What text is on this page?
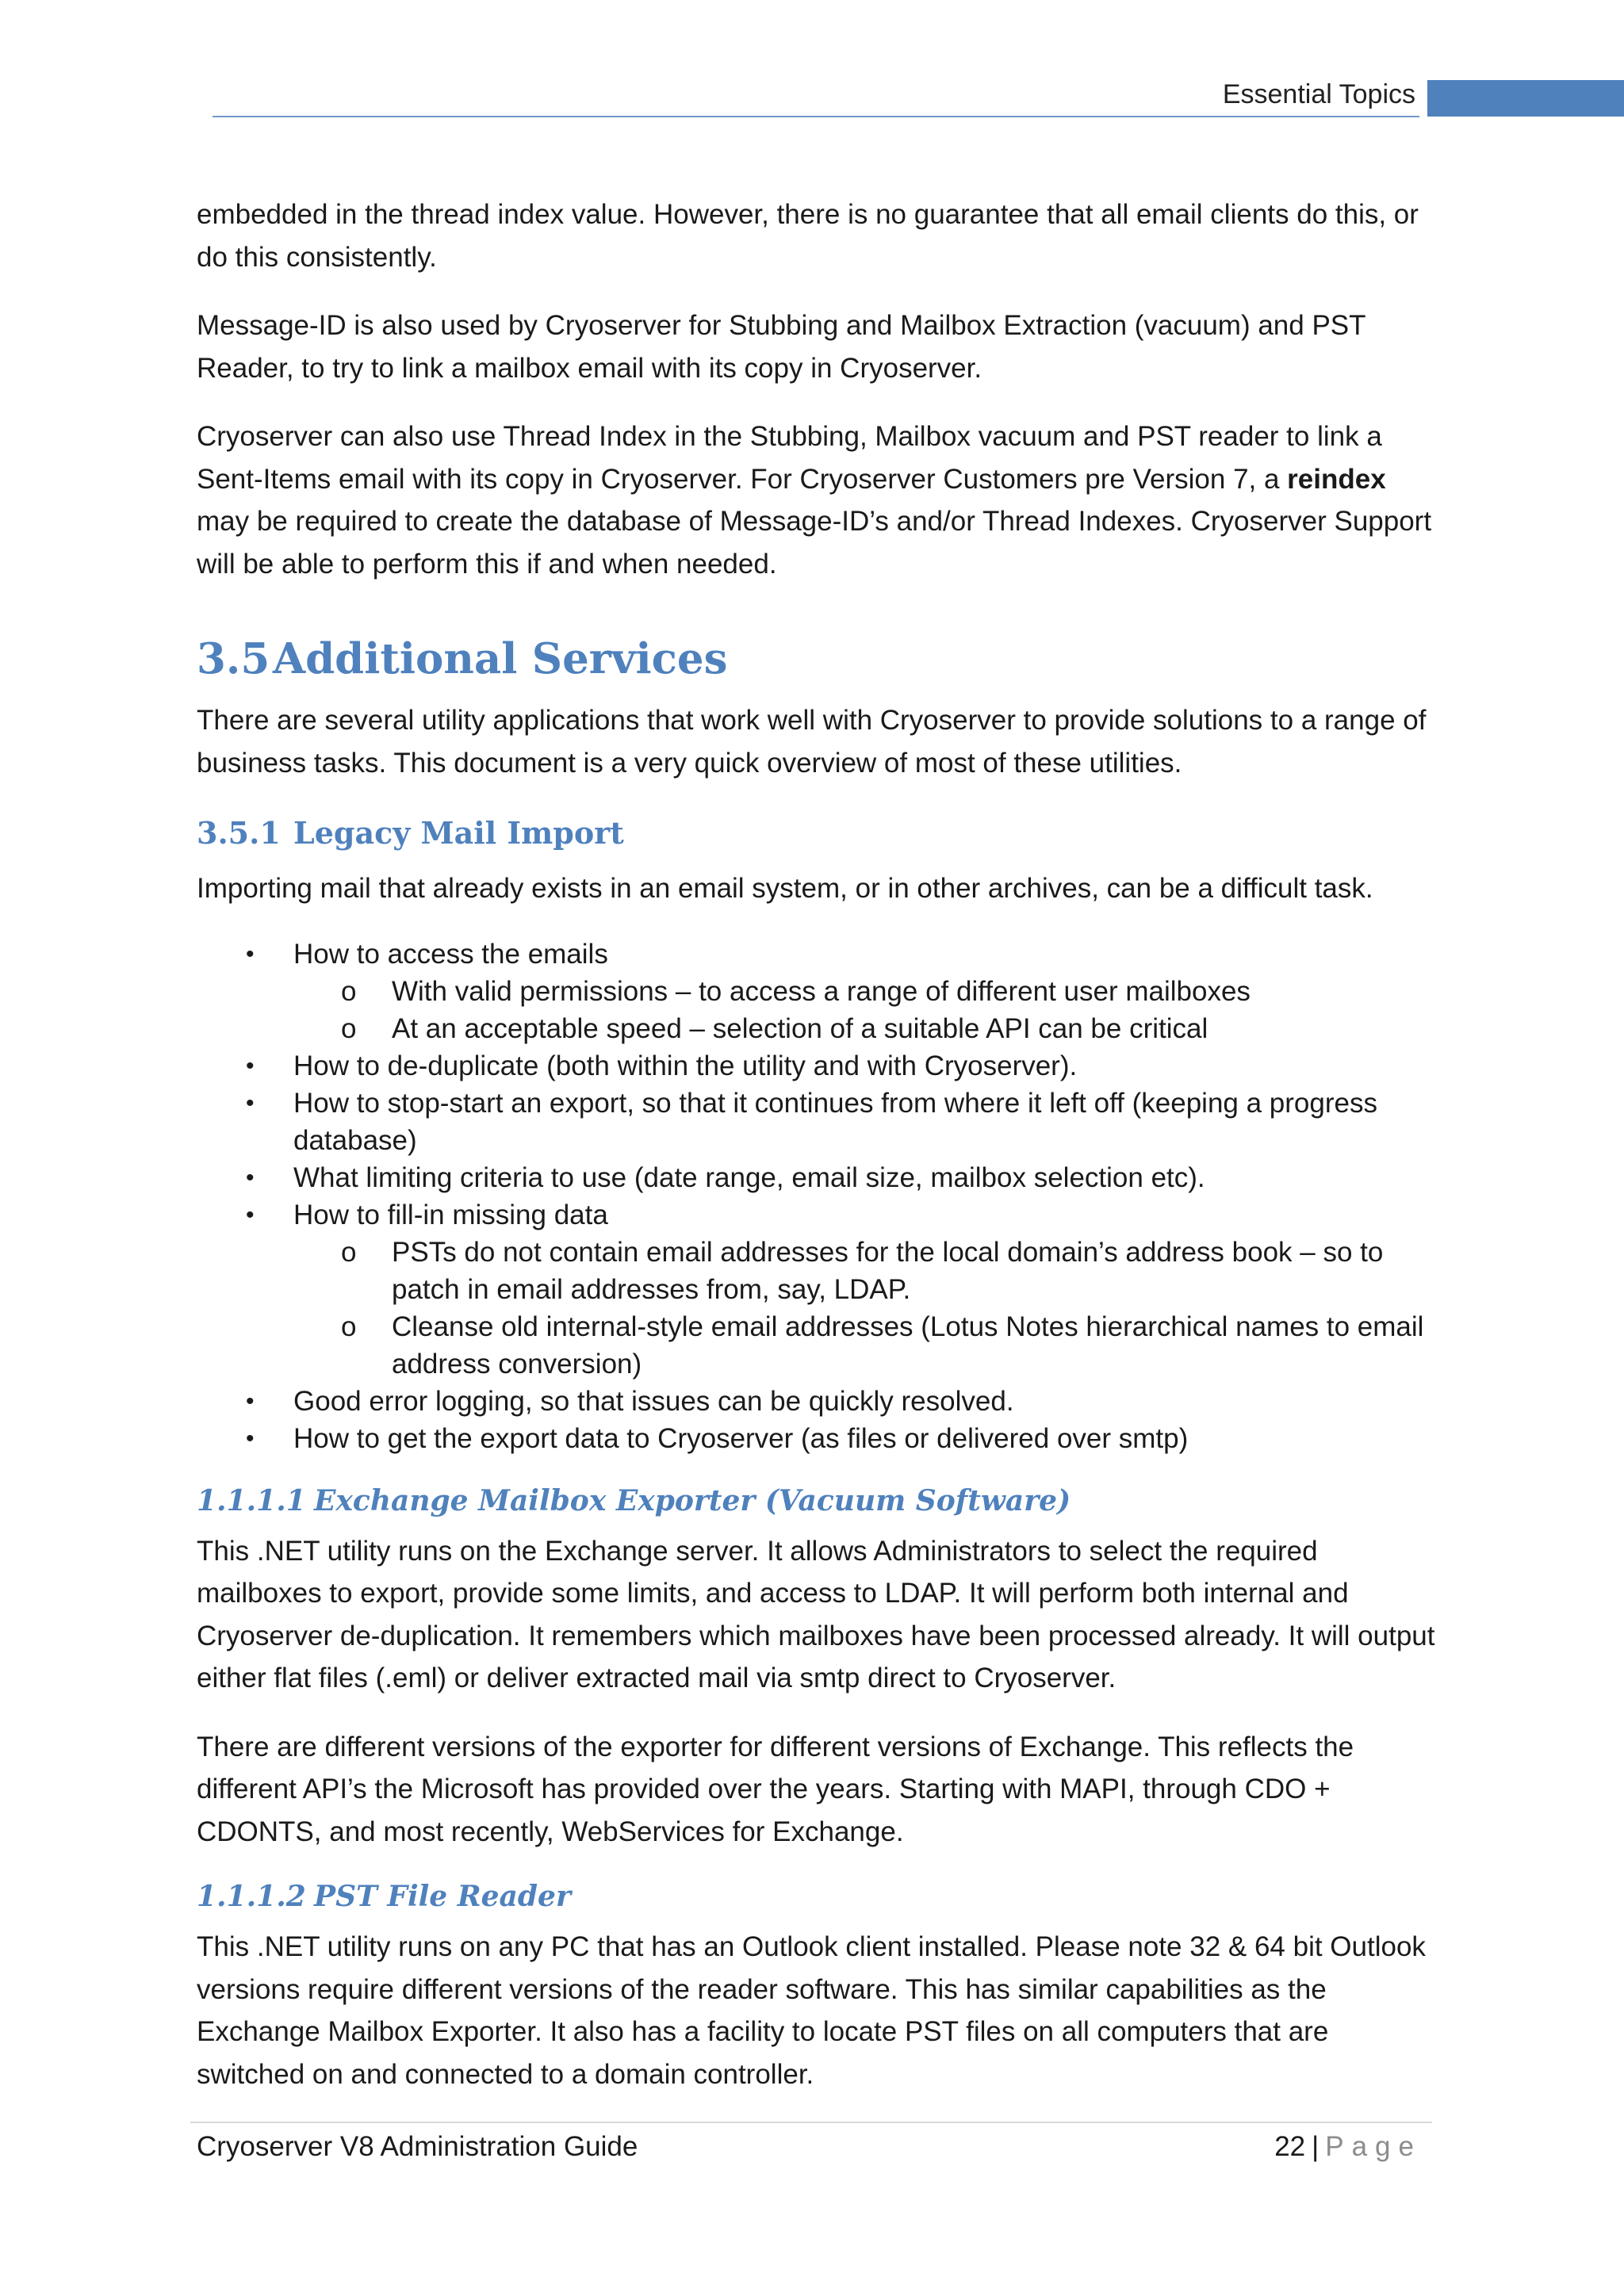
Essential Topics

embedded in the thread index value. However, there is no guarantee that all email clients do this, or do this consistently.

Message-ID is also used by Cryoserver for Stubbing and Mailbox Extraction (vacuum) and PST Reader, to try to link a mailbox email with its copy in Cryoserver.

Cryoserver can also use Thread Index in the Stubbing, Mailbox vacuum and PST reader to link a Sent-Items email with its copy in Cryoserver. For Cryoserver Customers pre Version 7, a reindex may be required to create the database of Message-ID’s and/or Thread Indexes. Cryoserver Support will be able to perform this if and when needed.

3.5Additional Services

There are several utility applications that work well with Cryoserver to provide solutions to a range of business tasks. This document is a very quick overview of most of these utilities.

3.5.1 Legacy Mail Import

Importing mail that already exists in an email system, or in other archives, can be a difficult task.

• How to access the emails
o With valid permissions – to access a range of different user mailboxes
o At an acceptable speed – selection of a suitable API can be critical
• How to de-duplicate (both within the utility and with Cryoserver).
• How to stop-start an export, so that it continues from where it left off (keeping a progress database)
• What limiting criteria to use (date range, email size, mailbox selection etc).
• How to fill-in missing data
o PSTs do not contain email addresses for the local domain’s address book – so to patch in email addresses from, say, LDAP.
o Cleanse old internal-style email addresses (Lotus Notes hierarchical names to email address conversion)
• Good error logging, so that issues can be quickly resolved.
• How to get the export data to Cryoserver (as files or delivered over smtp)
1.1.1.1 Exchange Mailbox Exporter (Vacuum Software)

This .NET utility runs on the Exchange server. It allows Administrators to select the required mailboxes to export, provide some limits, and access to LDAP. It will perform both internal and Cryoserver de-duplication. It remembers which mailboxes have been processed already. It will output either flat files (.eml) or deliver extracted mail via smtp direct to Cryoserver.

There are different versions of the exporter for different versions of Exchange. This reflects the different API’s the Microsoft has provided over the years. Starting with MAPI, through CDO + CDONTS, and most recently, WebServices for Exchange.

1.1.1.2 PST File Reader

This .NET utility runs on any PC that has an Outlook client installed. Please note 32 & 64 bit Outlook versions require different versions of the reader software. This has similar capabilities as the Exchange Mailbox Exporter. It also has a facility to locate PST files on all computers that are switched on and connected to a domain controller.

Cryoserver V8 Administration Guide	22 | Page
